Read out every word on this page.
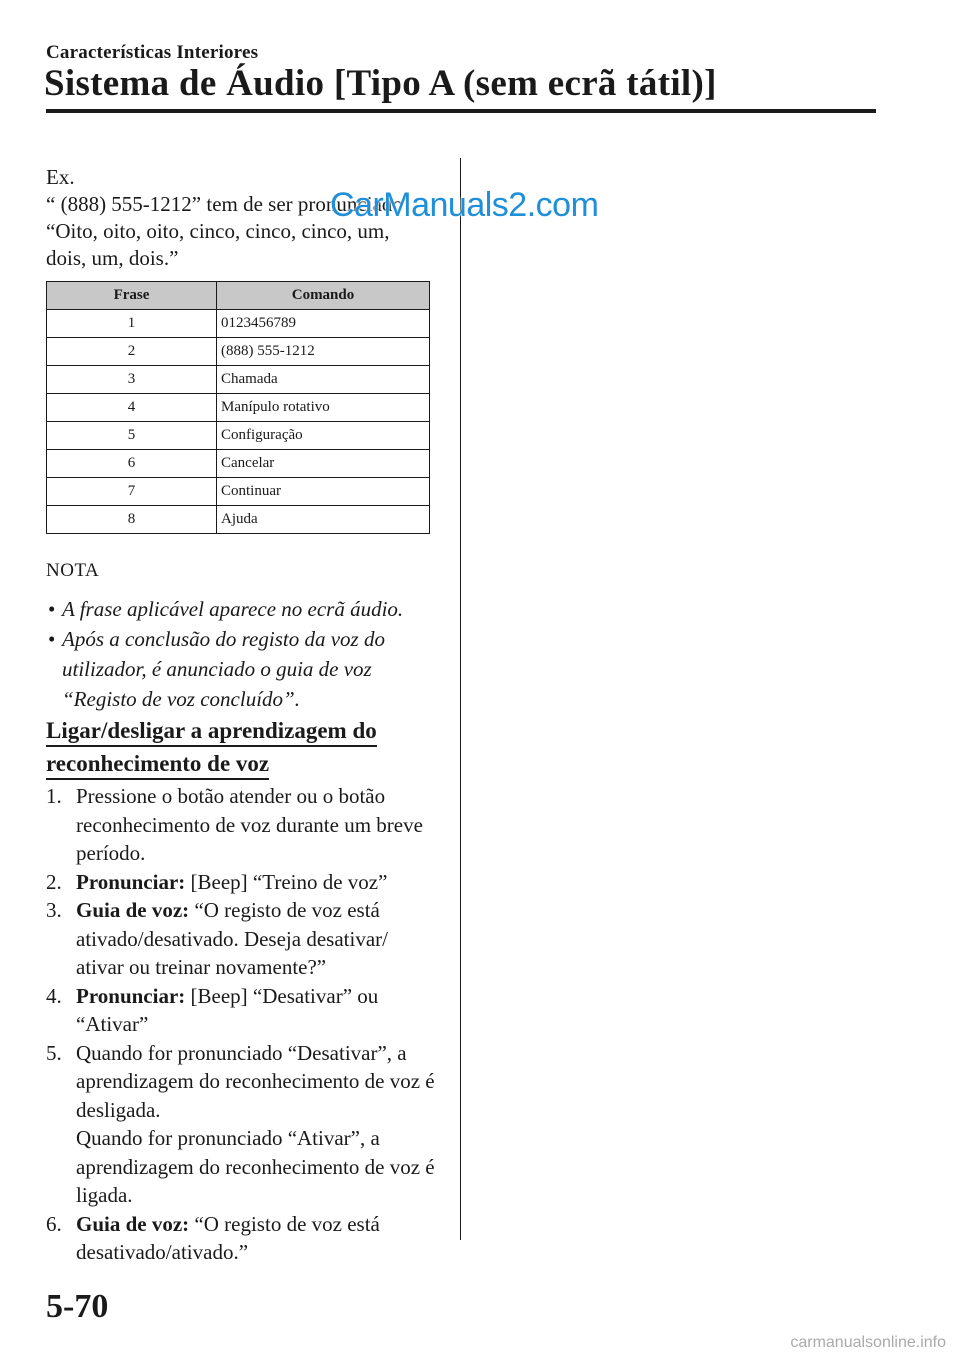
Características Interiores
Sistema de Áudio [Tipo A (sem ecrã tátil)]
Ex.
“ (888) 555-1212” tem de ser pronunciado
“Oito, oito, oito, cinco, cinco, cinco, um,
dois, um, dois.”
CarManuals2.com
Frase	Comando
1	0123456789
2	(888) 555-1212
3	Chamada
4	Manípulo rotativo
5	Configuração
6	Cancelar
7	Continuar
8	Ajuda
NOTA
• A frase aplicável aparece no ecrã áudio.
• Após a conclusão do registo da voz do utilizador, é anunciado o guia de voz “Registo de voz concluído”.
Ligar/desligar a aprendizagem do
reconhecimento de voz
1. Pressione o botão atender ou o botão reconhecimento de voz durante um breve período.
2. Pronunciar: [Beep] “Treino de voz”
3. Guia de voz: “O registo de voz está ativado/desativado. Deseja desativar/ ativar ou treinar novamente?”
4. Pronunciar: [Beep] “Desativar” ou “Ativar”
5. Quando for pronunciado “Desativar”, a aprendizagem do reconhecimento de voz é desligada.
Quando for pronunciado “Ativar”, a aprendizagem do reconhecimento de voz é ligada.
6. Guia de voz: “O registo de voz está desativado/ativado.”
5-70
carmanualsonline.info
